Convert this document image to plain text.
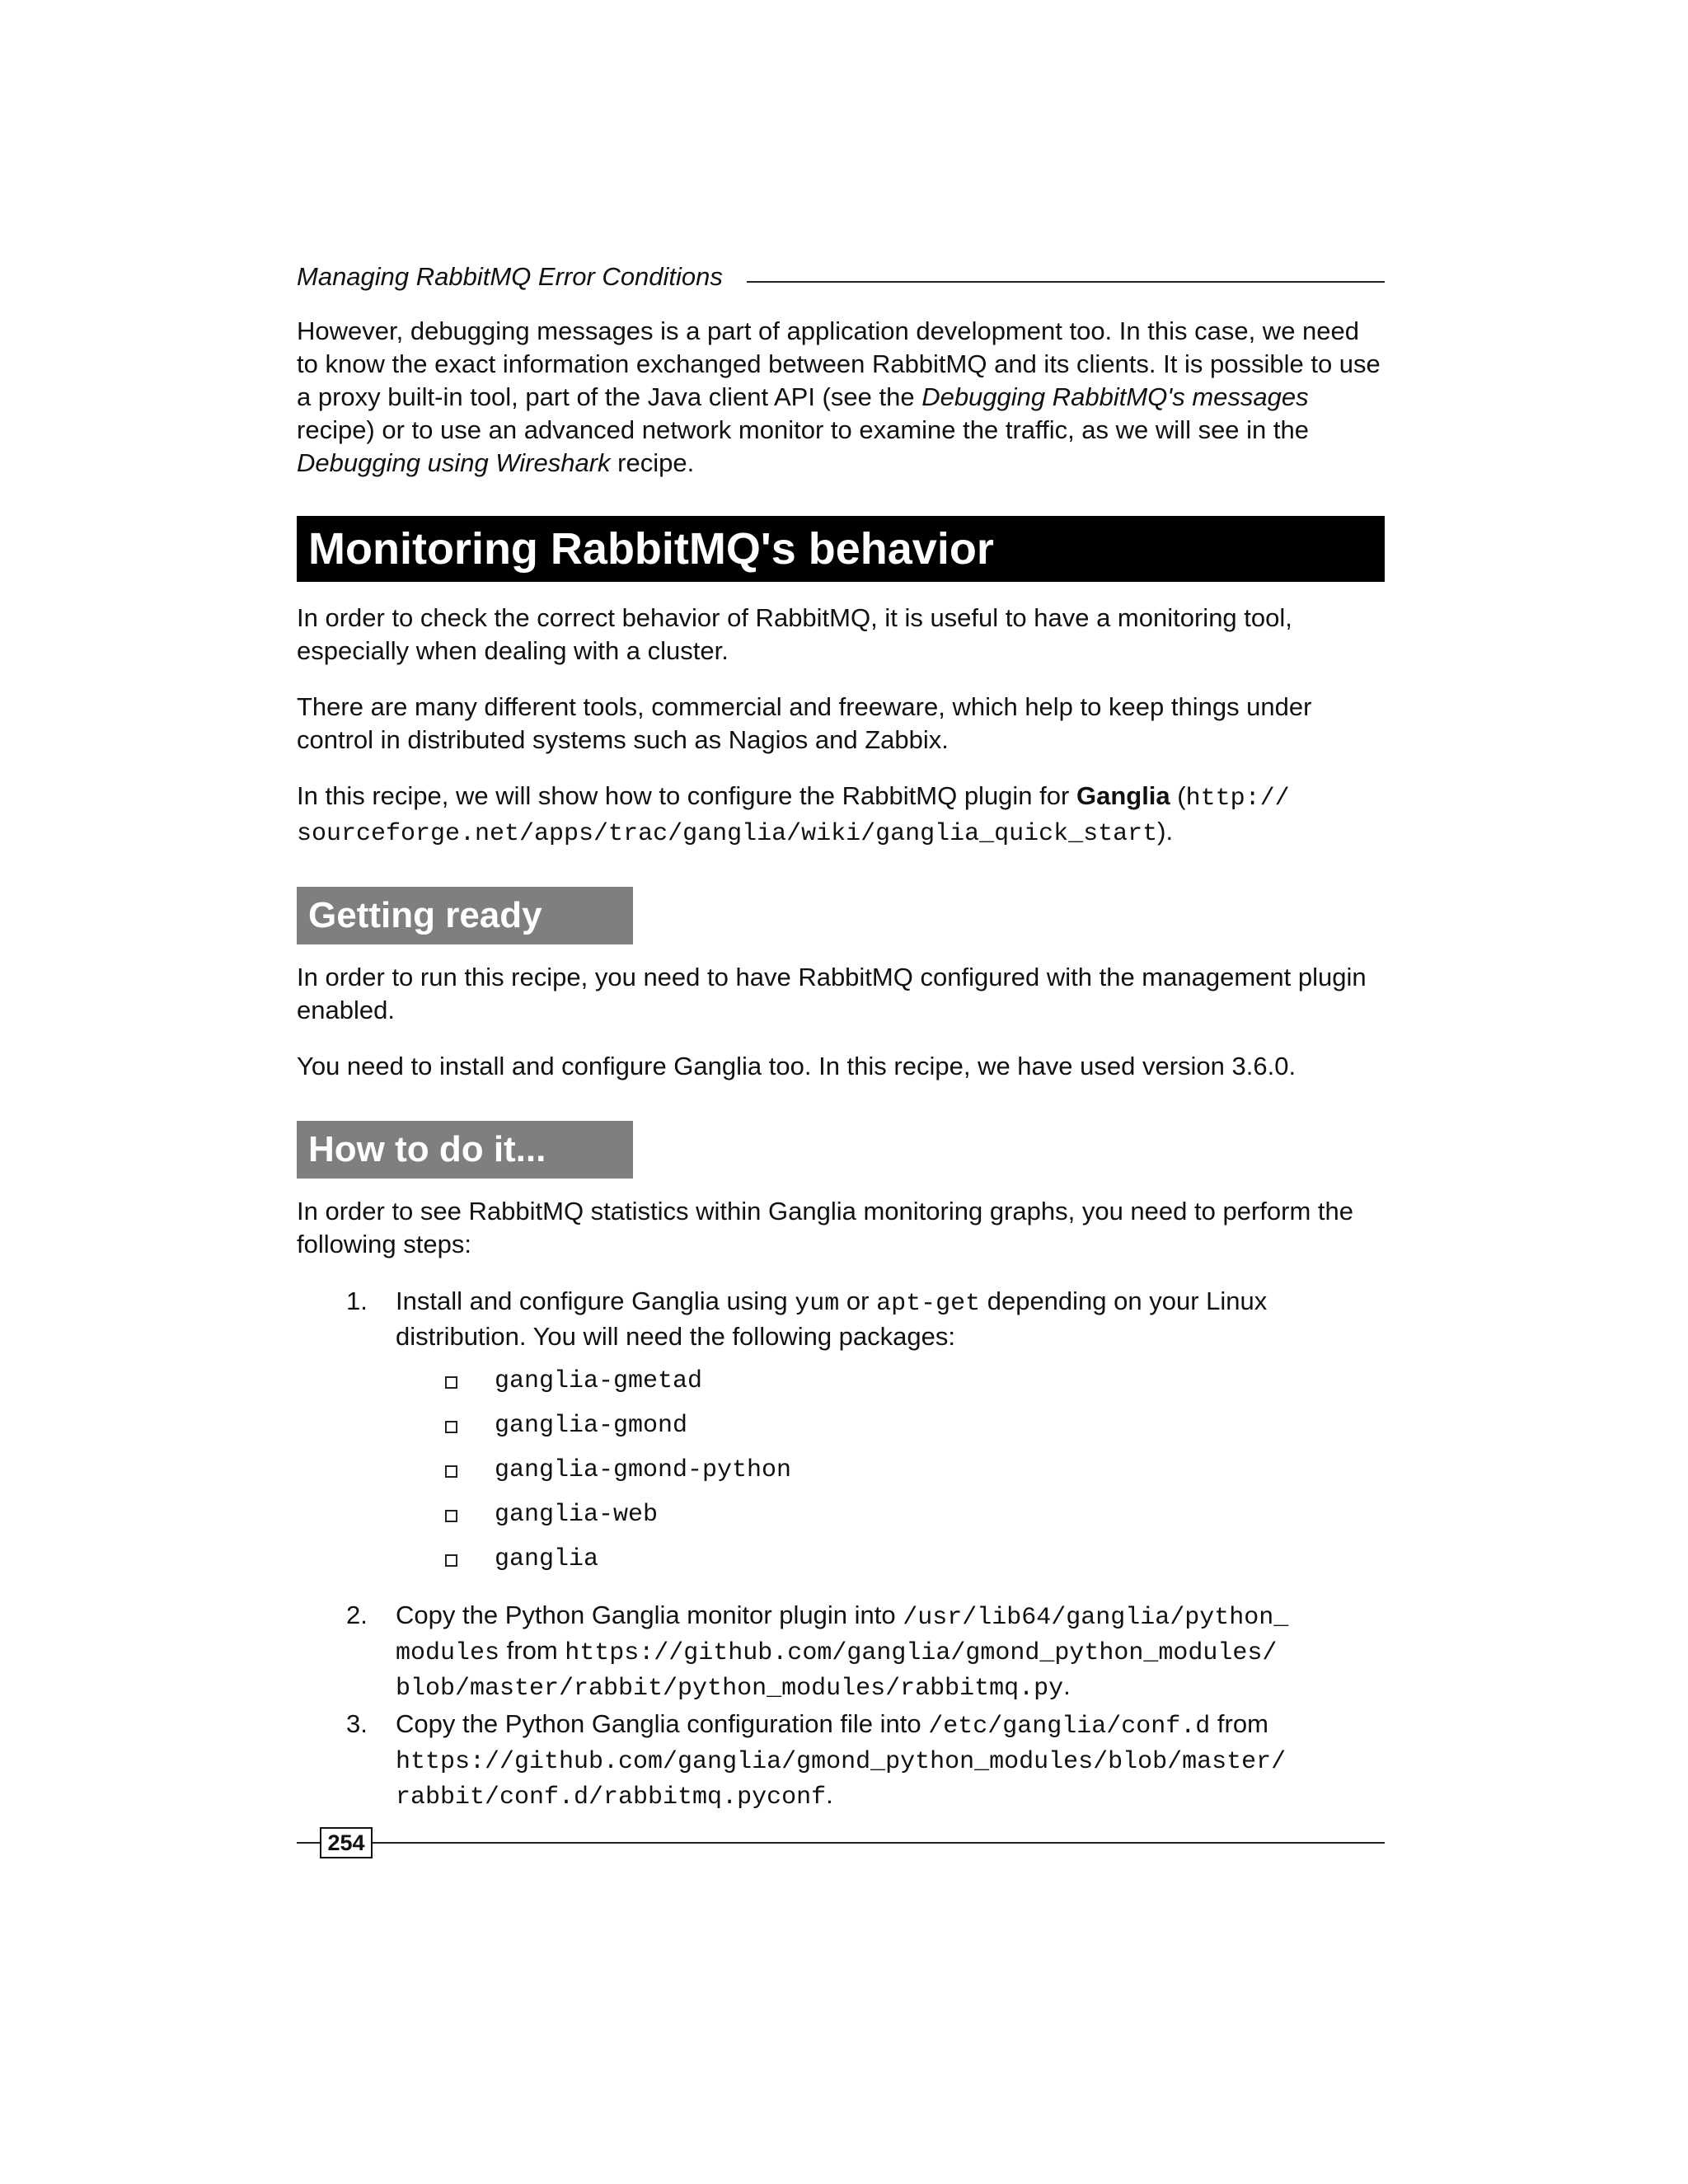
Managing RabbitMQ Error Conditions

However, debugging messages is a part of application development too. In this case, we need to know the exact information exchanged between RabbitMQ and its clients. It is possible to use a proxy built-in tool, part of the Java client API (see the Debugging RabbitMQ's messages recipe) or to use an advanced network monitor to examine the traffic, as we will see in the Debugging using Wireshark recipe.

Monitoring RabbitMQ's behavior

In order to check the correct behavior of RabbitMQ, it is useful to have a monitoring tool, especially when dealing with a cluster.

There are many different tools, commercial and freeware, which help to keep things under control in distributed systems such as Nagios and Zabbix.

In this recipe, we will show how to configure the RabbitMQ plugin for Ganglia (http://
sourceforge.net/apps/trac/ganglia/wiki/ganglia_quick_start).

Getting ready

In order to run this recipe, you need to have RabbitMQ configured with the management plugin enabled.

You need to install and configure Ganglia too. In this recipe, we have used version 3.6.0.

How to do it...

In order to see RabbitMQ statistics within Ganglia monitoring graphs, you need to perform the following steps:

1. Install and configure Ganglia using yum or apt-get depending on your Linux
distribution. You will need the following packages:

ganglia-gmetad
ganglia-gmond
ganglia-gmond-python
ganglia-web
ganglia
2. Copy the Python Ganglia monitor plugin into /usr/lib64/ganglia/python_
modules from https://github.com/ganglia/gmond_python_modules/
blob/master/rabbit/python_modules/rabbitmq.py.

3. Copy the Python Ganglia configuration file into /etc/ganglia/conf.d from
https://github.com/ganglia/gmond_python_modules/blob/master/
rabbit/conf.d/rabbitmq.pyconf.

254
